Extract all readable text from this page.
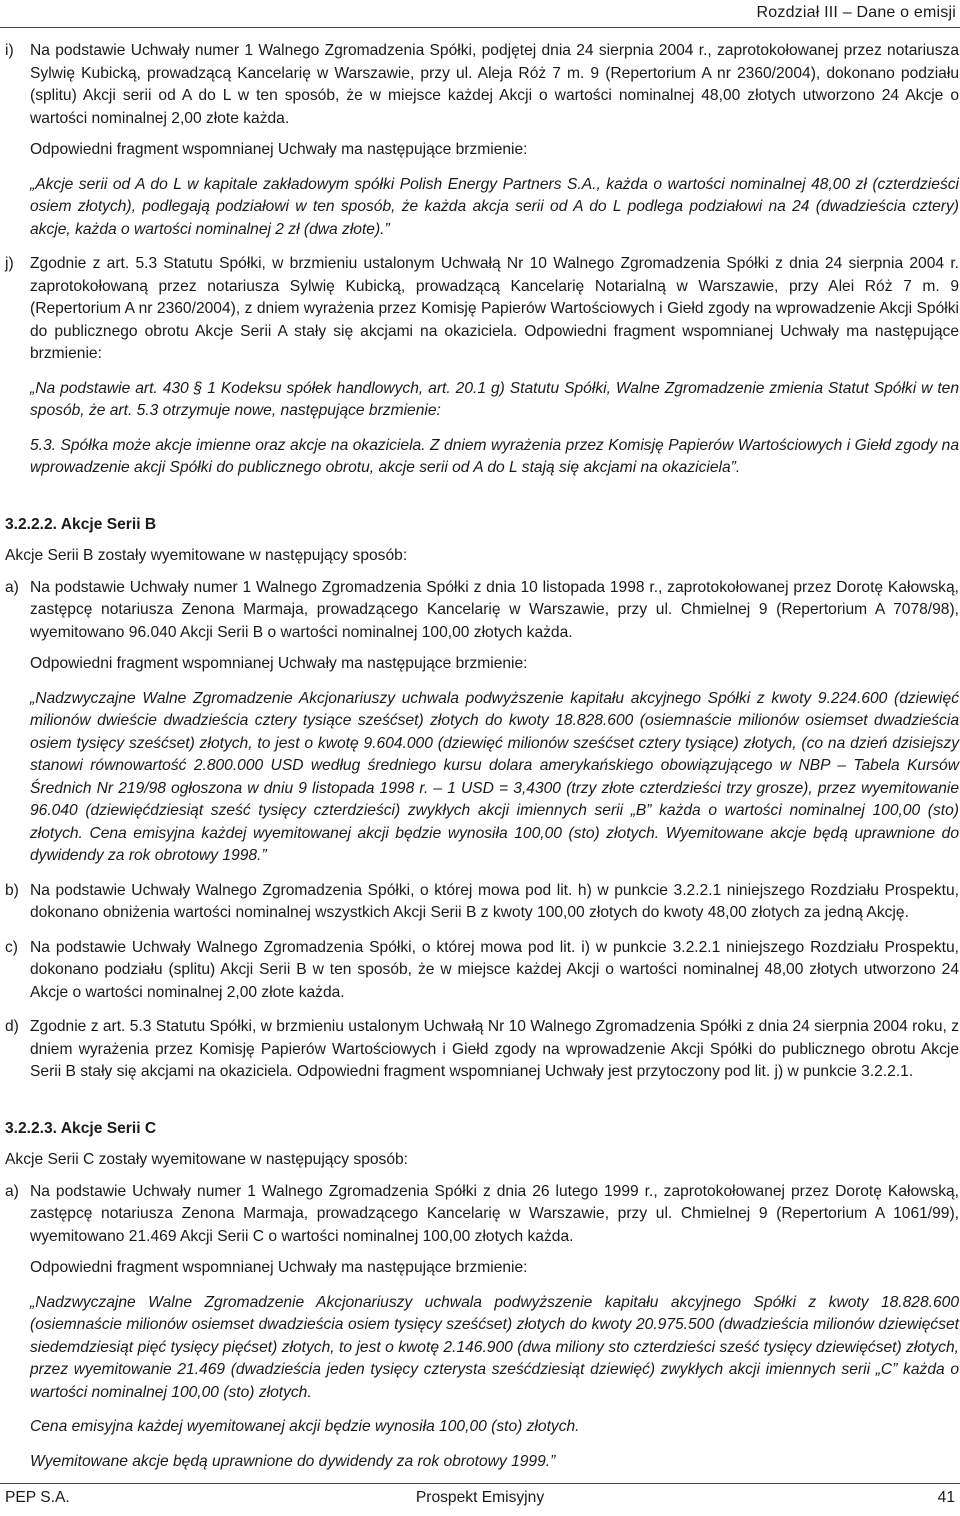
Rozdział III – Dane o emisji
i)	Na podstawie Uchwały numer 1 Walnego Zgromadzenia Spółki, podjętej dnia 24 sierpnia 2004 r., zaprotokołowanej przez notariusza Sylwię Kubicką, prowadzącą Kancelarię w Warszawie, przy ul. Aleja Róż 7 m. 9 (Repertorium A nr 2360/2004), dokonano podziału (splitu) Akcji serii od A do L w ten sposób, że w miejsce każdej Akcji o wartości nominalnej 48,00 złotych utworzono 24 Akcje o wartości nominalnej 2,00 złote każda.
Odpowiedni fragment wspomnianej Uchwały ma następujące brzmienie:
„Akcje serii od A do L w kapitale zakładowym spółki Polish Energy Partners S.A., każda o wartości nominalnej 48,00 zł (czterdzieści osiem złotych), podlegają podziałowi w ten sposób, że każda akcja serii od A do L podlega podziałowi na 24 (dwadzieścia cztery) akcje, każda o wartości nominalnej 2 zł (dwa złote).”
j)	Zgodnie z art. 5.3 Statutu Spółki, w brzmieniu ustalonym Uchwałą Nr 10 Walnego Zgromadzenia Spółki z dnia 24 sierpnia 2004 r. zaprotokołowaną przez notariusza Sylwię Kubicką, prowadzącą Kancelarię Notarialną w Warszawie, przy Alei Róż 7 m. 9 (Repertorium A nr 2360/2004), z dniem wyrażenia przez Komisję Papierów Wartościowych i Giełd zgody na wprowadzenie Akcji Spółki do publicznego obrotu Akcje Serii A stały się akcjami na okaziciela. Odpowiedni fragment wspomnianej Uchwały ma następujące brzmienie:
„Na podstawie art. 430 § 1 Kodeksu spółek handlowych, art. 20.1 g) Statutu Spółki, Walne Zgromadzenie zmienia Statut Spółki w ten sposób, że art. 5.3 otrzymuje nowe, następujące brzmienie:
5.3. Spółka może akcje imienne oraz akcje na okaziciela. Z dniem wyrażenia przez Komisję Papierów Wartościowych i Giełd zgody na wprowadzenie akcji Spółki do publicznego obrotu, akcje serii od A do L stają się akcjami na okaziciela”.
3.2.2.2. Akcje Serii B
Akcje Serii B zostały wyemitowane w następujący sposób:
a) Na podstawie Uchwały numer 1 Walnego Zgromadzenia Spółki z dnia 10 listopada 1998 r., zaprotokołowanej przez Dorotę Kałowską, zastępcę notariusza Zenona Marmaja, prowadzącego Kancelarię w Warszawie, przy ul. Chmielnej 9 (Repertorium A 7078/98), wyemitowano 96.040 Akcji Serii B o wartości nominalnej 100,00 złotych każda.
Odpowiedni fragment wspomnianej Uchwały ma następujące brzmienie:
„Nadzwyczajne Walne Zgromadzenie Akcjonariuszy uchwala podwyższenie kapitału akcyjnego Spółki z kwoty 9.224.600 (dziewięć milionów dwieście dwadzieścia cztery tysiące sześćset) złotych do kwoty 18.828.600 (osiemnaście milionów osiemset dwadzieścia osiem tysięcy sześćset) złotych, to jest o kwotę 9.604.000 (dziewięć milionów sześćset cztery tysiące) złotych, (co na dzień dzisiejszy stanowi równowartość 2.800.000 USD według średniego kursu dolara amerykańskiego obowiązującego w NBP – Tabela Kursów Średnich Nr 219/98 ogłoszona w dniu 9 listopada 1998 r. – 1 USD = 3,4300 (trzy złote czterdzieści trzy grosze), przez wyemitowanie 96.040 (dziewięćdziesiąt sześć tysięcy czterdzieści) zwykłych akcji imiennych serii „B” każda o wartości nominalnej 100,00 (sto) złotych. Cena emisyjna każdej wyemitowanej akcji będzie wynosiła 100,00 (sto) złotych. Wyemitowane akcje będą uprawnione do dywidendy za rok obrotowy 1998.”
b) Na podstawie Uchwały Walnego Zgromadzenia Spółki, o której mowa pod lit. h) w punkcie 3.2.2.1 niniejszego Rozdziału Prospektu, dokonano obniżenia wartości nominalnej wszystkich Akcji Serii B z kwoty 100,00 złotych do kwoty 48,00 złotych za jedną Akcję.
c) Na podstawie Uchwały Walnego Zgromadzenia Spółki, o której mowa pod lit. i) w punkcie 3.2.2.1 niniejszego Rozdziału Prospektu, dokonano podziału (splitu) Akcji Serii B w ten sposób, że w miejsce każdej Akcji o wartości nominalnej 48,00 złotych utworzono 24 Akcje o wartości nominalnej 2,00 złote każda.
d) Zgodnie z art. 5.3 Statutu Spółki, w brzmieniu ustalonym Uchwałą Nr 10 Walnego Zgromadzenia Spółki z dnia 24 sierpnia 2004 roku, z dniem wyrażenia przez Komisję Papierów Wartościowych i Giełd zgody na wprowadzenie Akcji Spółki do publicznego obrotu Akcje Serii B stały się akcjami na okaziciela. Odpowiedni fragment wspomnianej Uchwały jest przytoczony pod lit. j) w punkcie 3.2.2.1.
3.2.2.3. Akcje Serii C
Akcje Serii C zostały wyemitowane w następujący sposób:
a) Na podstawie Uchwały numer 1 Walnego Zgromadzenia Spółki z dnia 26 lutego 1999 r., zaprotokołowanej przez Dorotę Kałowską, zastępcę notariusza Zenona Marmaja, prowadzącego Kancelarię w Warszawie, przy ul. Chmielnej 9 (Repertorium A 1061/99), wyemitowano 21.469 Akcji Serii C o wartości nominalnej 100,00 złotych każda.
Odpowiedni fragment wspomnianej Uchwały ma następujące brzmienie:
„Nadzwyczajne Walne Zgromadzenie Akcjonariuszy uchwala podwyższenie kapitału akcyjnego Spółki z kwoty 18.828.600 (osiemnaście milionów osiemset dwadzieścia osiem tysięcy sześćset) złotych do kwoty 20.975.500 (dwadzieścia milionów dziewięćset siedemdziesiąt pięć tysięcy pięćset) złotych, to jest o kwotę 2.146.900 (dwa miliony sto czterdzieści sześć tysięcy dziewięćset) złotych, przez wyemitowanie 21.469 (dwadzieścia jeden tysięcy czterysta sześćdziesiąt dziewięć) zwykłych akcji imiennych serii „C” każda o wartości nominalnej 100,00 (sto) złotych.
Cena emisyjna każdej wyemitowanej akcji będzie wynosiła 100,00 (sto) złotych.
Wyemitowane akcje będą uprawnione do dywidendy za rok obrotowy 1999.”
Prospekt Emisyjny
PEP S.A.	41
